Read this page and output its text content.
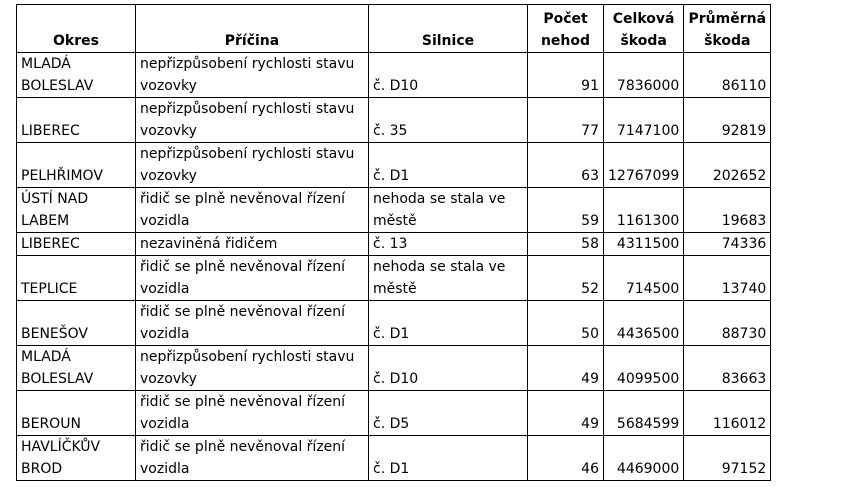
Okres	Příčina	Silnice	Počet nehod	Celková škoda	Průměrná škoda
MLADÁ BOLESLAV	nepřizpůsobení rychlosti stavu vozovky	č. D10	91	7836000	86110
LIBEREC	nepřizpůsobení rychlosti stavu vozovky	č. 35	77	7147100	92819
PELHŘIMOV	nepřizpůsobení rychlosti stavu vozovky	č. D1	63	12767099	202652
ÚSTÍ NAD LABEM	řidič se plně nevěnoval řízení vozidla	nehoda se stala ve městě	59	1161300	19683
LIBEREC	nezaviněná řidičem	č. 13	58	4311500	74336
TEPLICE	řidič se plně nevěnoval řízení vozidla	nehoda se stala ve městě	52	714500	13740
BENEŠOV	řidič se plně nevěnoval řízení vozidla	č. D1	50	4436500	88730
MLADÁ BOLESLAV	nepřizpůsobení rychlosti stavu vozovky	č. D10	49	4099500	83663
BEROUN	řidič se plně nevěnoval řízení vozidla	č. D5	49	5684599	116012
HAVLÍČKŮV BROD	řidič se plně nevěnoval řízení vozidla	č. D1	46	4469000	97152
